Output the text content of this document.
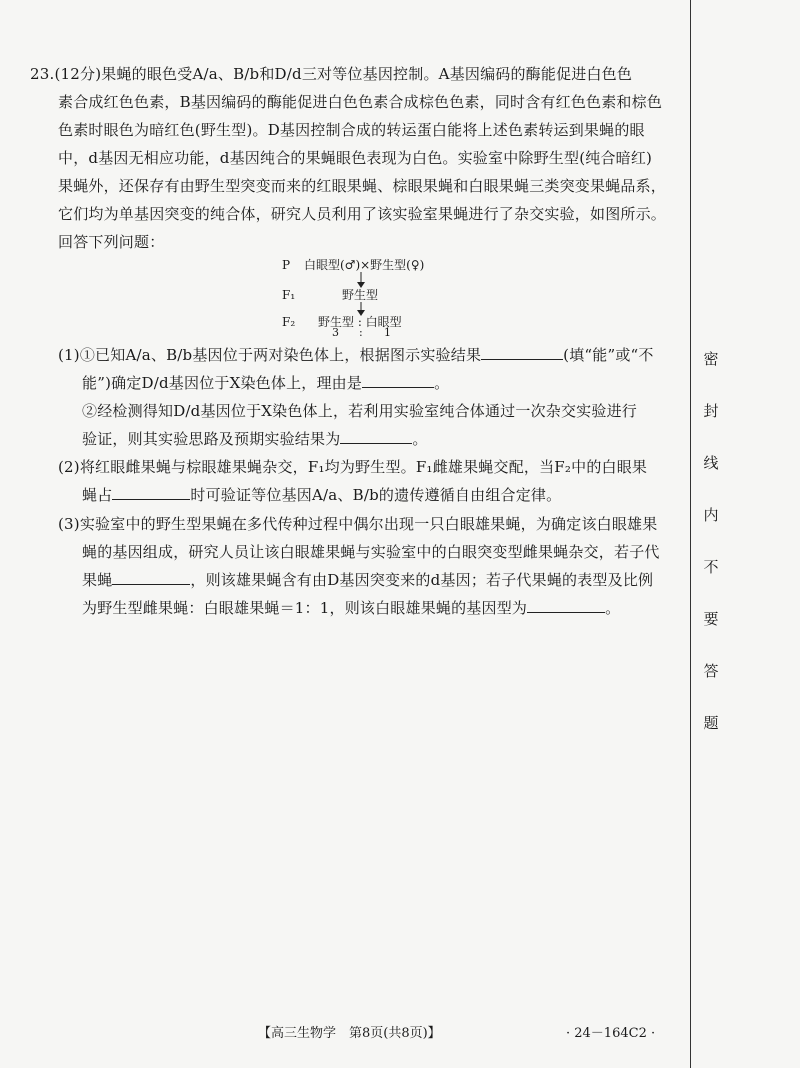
23.(12分)果蝇的眼色受A/a、B/b和D/d三对等位基因控制。A基因编码的酶能促进白色色
素合成红色色素，B基因编码的酶能促进白色色素合成棕色色素，同时含有红色色素和棕色
色素时眼色为暗红色(野生型)。D基因控制合成的转运蛋白能将上述色素转运到果蝇的眼
中，d基因无相应功能，d基因纯合的果蝇眼色表现为白色。实验室中除野生型(纯合暗红)
果蝇外，还保存有由野生型突变而来的红眼果蝇、棕眼果蝇和白眼果蝇三类突变果蝇品系，
它们均为单基因突变的纯合体，研究人员利用了该实验室果蝇进行了杂交实验，如图所示。
回答下列问题：
P 白眼型(♂)×野生型(♀)
F₁	野生型
F₂ 野生型 : 白眼型
3 : 1
(1)①已知A/a、B/b基因位于两对染色体上，根据图示实验结果	(填“能”或“不
能”)确定D/d基因位于X染色体上，理由是	。
②经检测得知D/d基因位于X染色体上，若利用实验室纯合体通过一次杂交实验进行
验证，则其实验思路及预期实验结果为	。
(2)将红眼雌果蝇与棕眼雄果蝇杂交，F₁均为野生型。F₁雌雄果蝇交配，当F₂中的白眼果
蝇占	时可验证等位基因A/a、B/b的遗传遵循自由组合定律。
(3)实验室中的野生型果蝇在多代传种过程中偶尔出现一只白眼雄果蝇，为确定该白眼雄果
蝇的基因组成，研究人员让该白眼雄果蝇与实验室中的白眼突变型雌果蝇杂交，若子代
果蝇	，则该雄果蝇含有由D基因突变来的d基因；若子代果蝇的表型及比例
为野生型雌果蝇：白眼雄果蝇＝1：1，则该白眼雄果蝇的基因型为	。
密
封
线
内
不
要
答
题
【高三生物学　第8页(共8页)】	· 24－164C2 ·
